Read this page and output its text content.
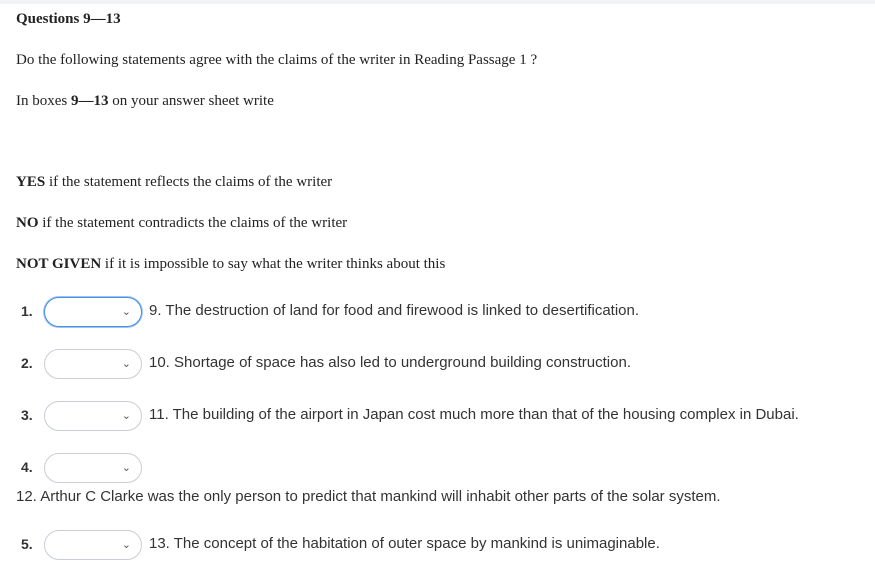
Questions 9—13
Do the following statements agree with the claims of the writer in Reading Passage 1 ?
In boxes 9—13 on your answer sheet write
YES if the statement reflects the claims of the writer
NO if the statement contradicts the claims of the writer
NOT GIVEN if it is impossible to say what the writer thinks about this
1.	⌄ 9. The destruction of land for food and firewood is linked to desertification.
2.	⌄ 10. Shortage of space has also led to underground building construction.
3.	⌄ 11. The building of the airport in Japan cost much more than that of the housing complex in Dubai.
4.	⌄
12. Arthur C Clarke was the only person to predict that mankind will inhabit other parts of the solar system.
5.	⌄ 13. The concept of the habitation of outer space by mankind is unimaginable.
